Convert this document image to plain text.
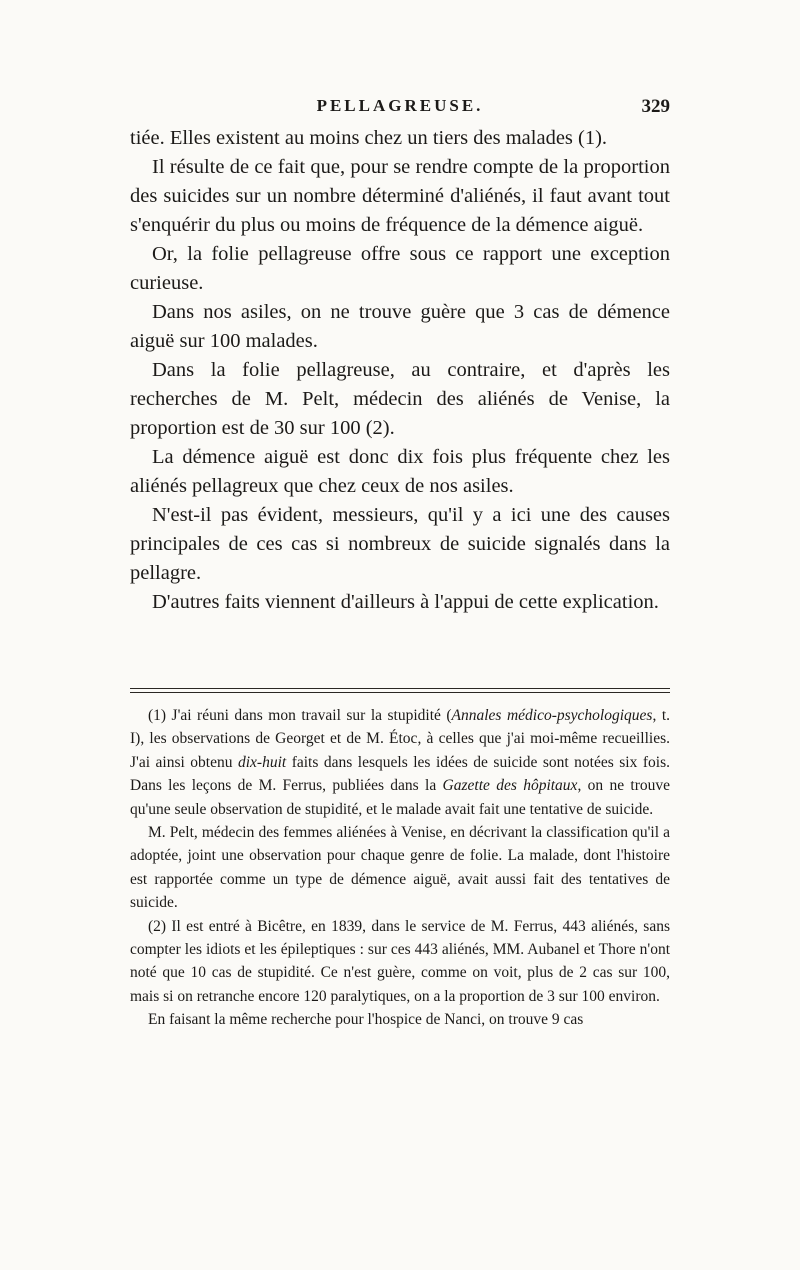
PELLAGREUSE.	329

tiée. Elles existent au moins chez un tiers des malades (1).

Il résulte de ce fait que, pour se rendre compte de la proportion des suicides sur un nombre déterminé d'aliénés, il faut avant tout s'enquérir du plus ou moins de fréquence de la démence aiguë.

Or, la folie pellagreuse offre sous ce rapport une exception curieuse.

Dans nos asiles, on ne trouve guère que 3 cas de démence aiguë sur 100 malades.

Dans la folie pellagreuse, au contraire, et d'après les recherches de M. Pelt, médecin des aliénés de Venise, la proportion est de 30 sur 100 (2).

La démence aiguë est donc dix fois plus fréquente chez les aliénés pellagreux que chez ceux de nos asiles.

N'est-il pas évident, messieurs, qu'il y a ici une des causes principales de ces cas si nombreux de suicide signalés dans la pellagre.

D'autres faits viennent d'ailleurs à l'appui de cette explication.

(1) J'ai réuni dans mon travail sur la stupidité (Annales médico-psychologiques, t. I), les observations de Georget et de M. Étoc, à celles que j'ai moi-même recueillies. J'ai ainsi obtenu dix-huit faits dans lesquels les idées de suicide sont notées six fois. Dans les leçons de M. Ferrus, publiées dans la Gazette des hôpitaux, on ne trouve qu'une seule observation de stupidité, et le malade avait fait une tentative de suicide.

M. Pelt, médecin des femmes aliénées à Venise, en décrivant la classification qu'il a adoptée, joint une observation pour chaque genre de folie. La malade, dont l'histoire est rapportée comme un type de démence aiguë, avait aussi fait des tentatives de suicide.

(2) Il est entré à Bicêtre, en 1839, dans le service de M. Ferrus, 443 aliénés, sans compter les idiots et les épileptiques : sur ces 443 aliénés, MM. Aubanel et Thore n'ont noté que 10 cas de stupidité. Ce n'est guère, comme on voit, plus de 2 cas sur 100, mais si on retranche encore 120 paralytiques, on a la proportion de 3 sur 100 environ.

En faisant la même recherche pour l'hospice de Nanci, on trouve 9 cas
